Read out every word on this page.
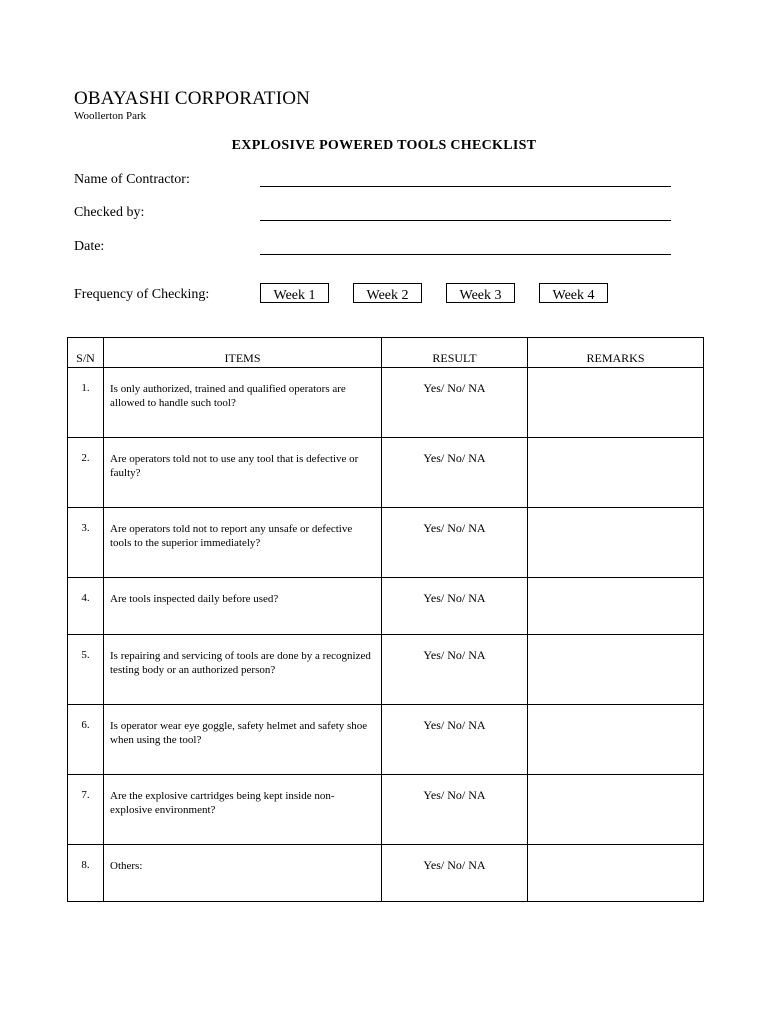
OBAYASHI CORPORATION
Woollerton Park
EXPLOSIVE POWERED TOOLS CHECKLIST
Name of Contractor:
Checked by:
Date:
Frequency of Checking:	Week 1	Week 2	Week 3	Week 4
S/N	ITEMS	RESULT	REMARKS
1.	Is only authorized, trained and qualified operators are allowed to handle such tool?	Yes/ No/ NA	
2.	Are operators told not to use any tool that is defective or faulty?	Yes/ No/ NA	
3.	Are operators told not to report any unsafe or defective tools to the superior immediately?	Yes/ No/ NA	
4.	Are tools inspected daily before used?	Yes/ No/ NA	
5.	Is repairing and servicing of tools are done by a recognized testing body or an authorized person?	Yes/ No/ NA	
6.	Is operator wear eye goggle, safety helmet and safety shoe when using the tool?	Yes/ No/ NA	
7.	Are the explosive cartridges being kept inside non-explosive environment?	Yes/ No/ NA	
8.	Others:	Yes/ No/ NA	
